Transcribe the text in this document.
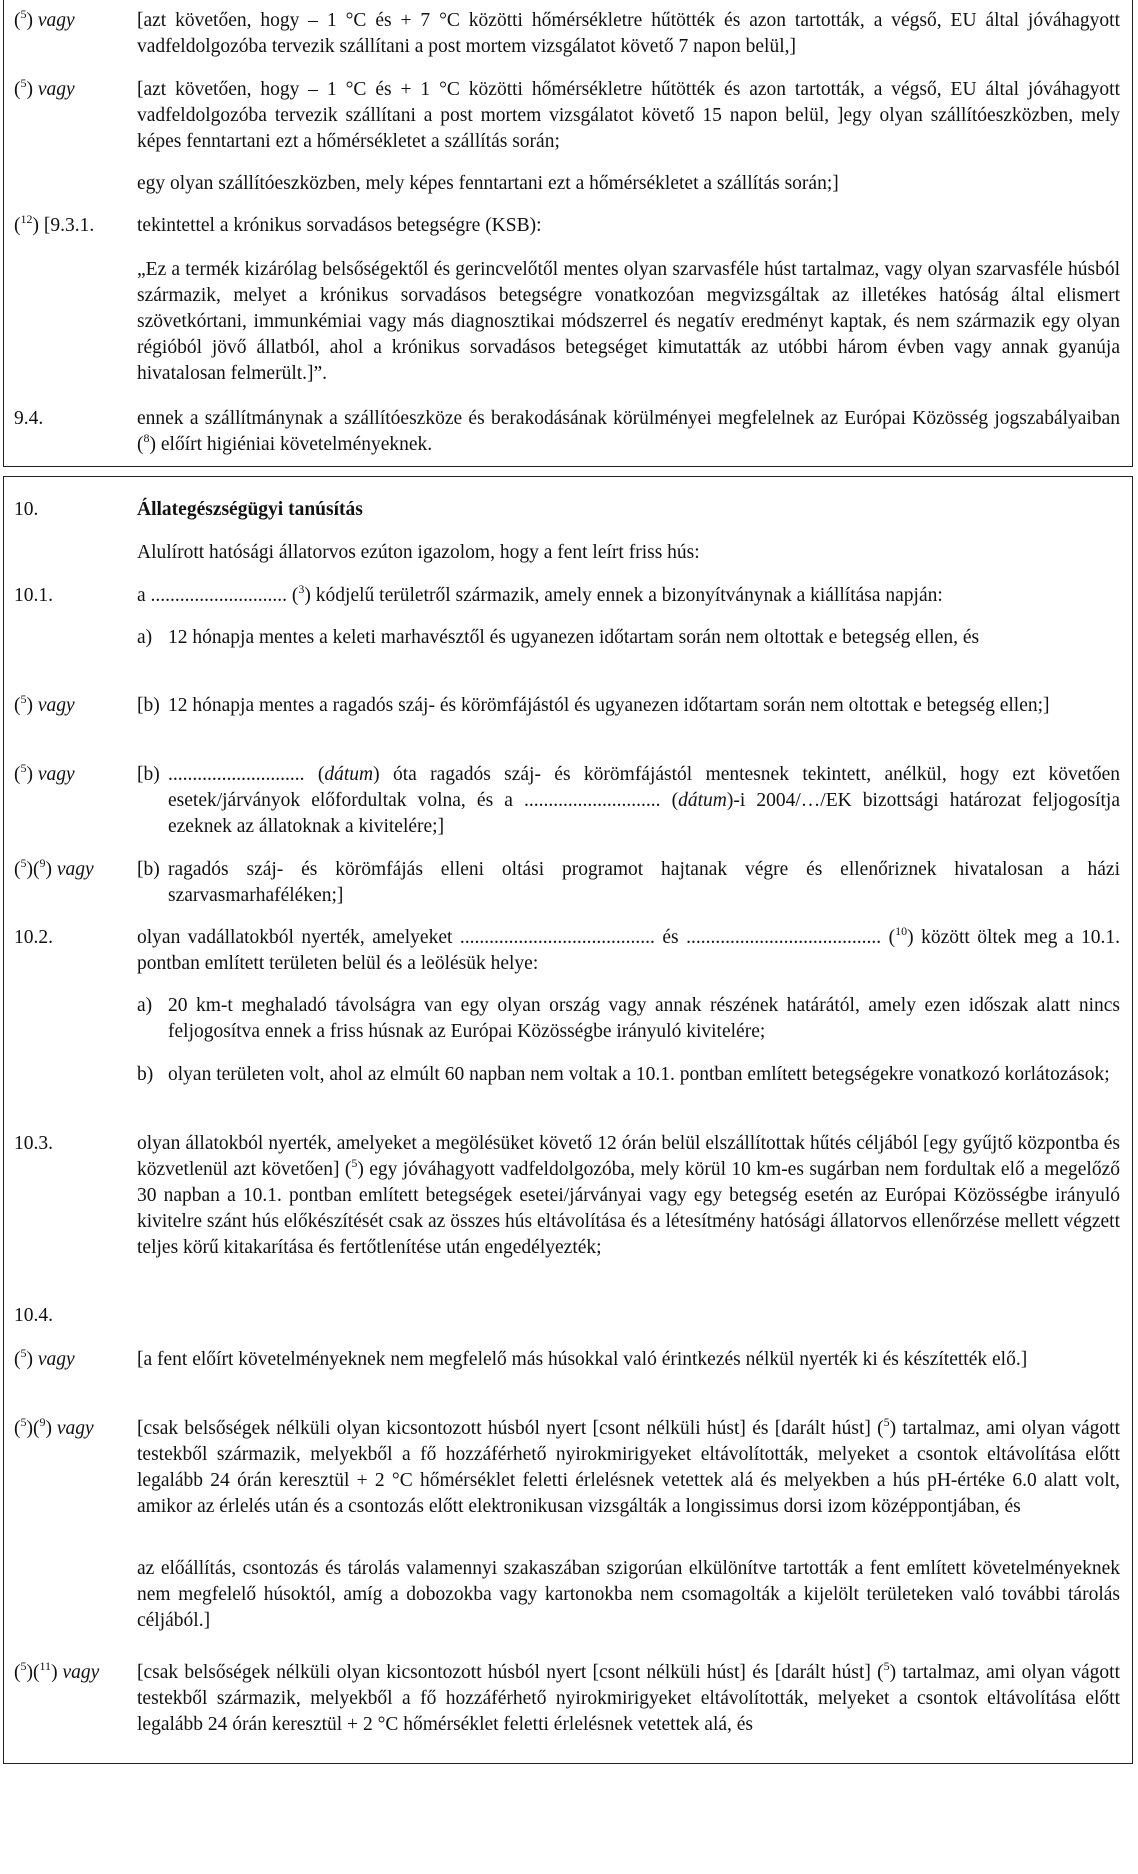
($^5$) vagy	[azt követően, hogy – 1 °C és + 7 °C közötti hőmérsékletre hűtötték és azon tartották, a végső, EU által jóváhagyott vadfeldolgozóba tervezik szállítani a post mortem vizsgálatot követő 7 napon belül,]
($^5$) vagy	[azt követően, hogy – 1 °C és + 1 °C közötti hőmérsékletre hűtötték és azon tartották, a végső, EU által jóváhagyott vadfeldolgozóba tervezik szállítani a post mortem vizsgálatot követő 15 napon belül, ]egy olyan szállítóeszközben, mely képes fenntartani ezt a hőmérsékletet a szállítás során;
egy olyan szállítóeszközben, mely képes fenntartani ezt a hőmérsékletet a szállítás során;]
($^{12}$) [9.3.1.	tekintettel a krónikus sorvadásos betegségre (KSB):
„Ez a termék kizárólag belsőségektől és gerincvelőtől mentes olyan szarvasféle húst tartalmaz, vagy olyan szarvasféle húsból származik, melyet a krónikus sorvadásos betegségre vonatkozóan megvizsgáltak az illetékes hatóság által elismert szövetkórtani, immunkémiai vagy más diagnosztikai módszerrel és negatív eredményt kaptak, és nem származik egy olyan régióból jövő állatból, ahol a krónikus sorvadásos betegséget kimutatták az utóbbi három évben vagy annak gyanúja hivatalosan felmerült.]”.
9.4.	ennek a szállítmánynak a szállítóeszköze és berakodásának körülményei megfelelnek az Európai Közösség jogszabályaiban ($^8$) előírt higiéniai követelményeknek.
10.	Állategészségügyi tanúsítás
Alulírott hatósági állatorvos ezúton igazolom, hogy a fent leírt friss hús:
10.1.	a ............................ ($^3$) kódjelű területről származik, amely ennek a bizonyítványnak a kiállítása napján:
a) 12 hónapja mentes a keleti marhavésztől és ugyanezen időtartam során nem oltottak e betegség ellen, és
($^5$) vagy	[b) 12 hónapja mentes a ragadós száj- és körömfájástól és ugyanezen időtartam során nem oltottak e betegség ellen;]
($^5$) vagy	[b) ............................ (dátum) óta ragadós száj- és körömfájástól mentesnek tekintett, anélkül, hogy ezt követően esetek/járványok előfordultak volna, és a ............................ (dátum)-i 2004/…/EK bizottsági határozat feljogosítja ezeknek az állatoknak a kivitelére;]
($^5$)($^9$) vagy	[b) ragadós száj- és körömfájás elleni oltási programot hajtanak végre és ellenőriznek hivatalosan a házi szarvasmarhaféléken;]
10.2.	olyan vadállatokból nyerték, amelyeket ........................................ és ........................................ ($^{10}$) között öltek meg a 10.1. pontban említett területen belül és a leölésük helye:
a) 20 km-t meghaladó távolságra van egy olyan ország vagy annak részének határától, amely ezen időszak alatt nincs feljogosítva ennek a friss húsnak az Európai Közösségbe irányuló kivitelére;
b) olyan területen volt, ahol az elmúlt 60 napban nem voltak a 10.1. pontban említett betegségekre vonatkozó korlátozások;
10.3.	olyan állatokból nyerték, amelyeket a megölésüket követő 12 órán belül elszállítottak hűtés céljából [egy gyűjtő központba és közvetlenül azt követően] ($^5$) egy jóváhagyott vadfeldolgozóba, mely körül 10 km-es sugárban nem fordultak elő a megelőző 30 napban a 10.1. pontban említett betegségek esetei/járványai vagy egy betegség esetén az Európai Közösségbe irányuló kivitelre szánt hús előkészítését csak az összes hús eltávolítása és a létesítmény hatósági állatorvos ellenőrzése mellett végzett teljes körű kitakarítása és fertőtlenítése után engedélyezték;
10.4.
($^5$) vagy	[a fent előírt követelményeknek nem megfelelő más húsokkal való érintkezés nélkül nyerték ki és készítették elő.]
($^5$)($^9$) vagy	[csak belsőségek nélküli olyan kicsontozott húsból nyert [csont nélküli húst] és [darált húst] ($^5$) tartalmaz, ami olyan vágott testekből származik, melyekből a fő hozzáférhető nyirokmirigyeket eltávolították, melyeket a csontok eltávolítása előtt legalább 24 órán keresztül + 2 °C hőmérséklet feletti érlelésnek vetettek alá és melyekben a hús pH-értéke 6.0 alatt volt, amikor az érlelés után és a csontozás előtt elektronikusan vizsgálták a longissimus dorsi izom középpontjában, és
az előállítás, csontozás és tárolás valamennyi szakaszában szigorúan elkülönítve tartották a fent említett követelményeknek nem megfelelő húsoktól, amíg a dobozokba vagy kartonokba nem csomagolták a kijelölt területeken való további tárolás céljából.]
($^5$)($^{11}$) vagy	[csak belsőségek nélküli olyan kicsontozott húsból nyert [csont nélküli húst] és [darált húst] ($^5$) tartalmaz, ami olyan vágott testekből származik, melyekből a fő hozzáférhető nyirokmirigyeket eltávolították, melyeket a csontok eltávolítása előtt legalább 24 órán keresztül + 2 °C hőmérséklet feletti érlelésnek vetettek alá, és
